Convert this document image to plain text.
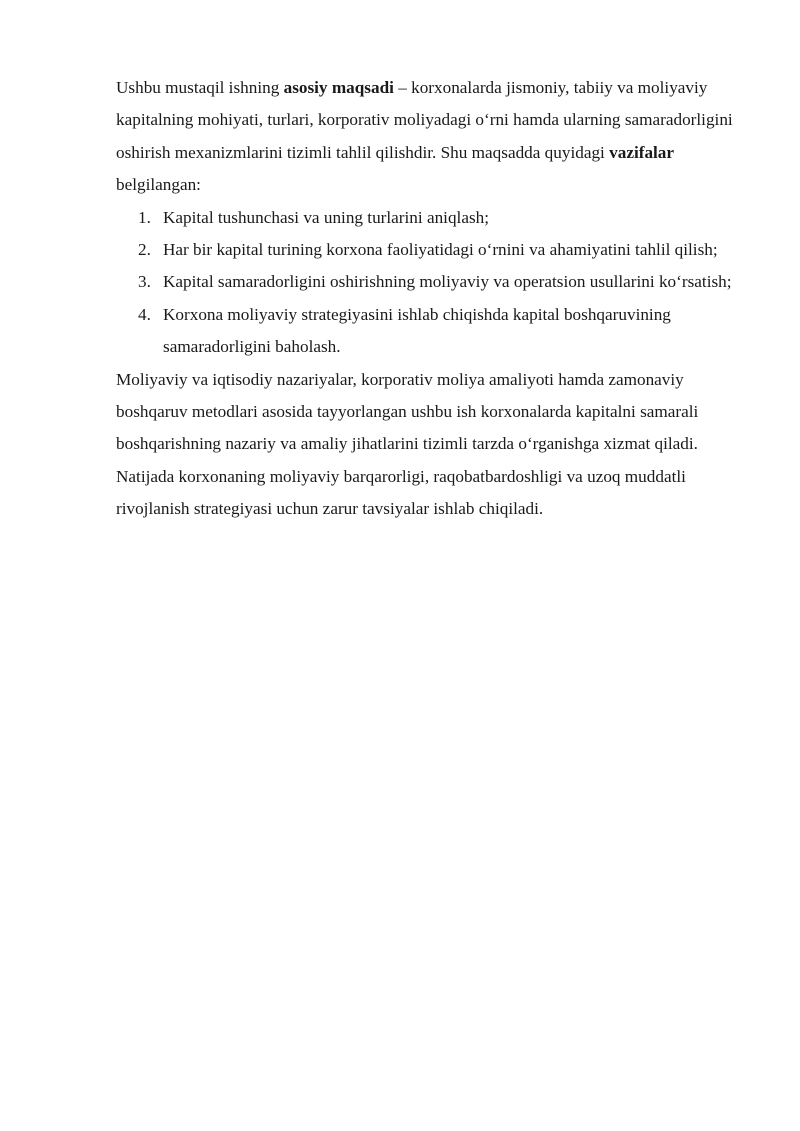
Ushbu mustaqil ishning asosiy maqsadi – korxonalarda jismoniy, tabiiy va moliyaviy kapitalning mohiyati, turlari, korporativ moliyadagi o‘rni hamda ularning samaradorligini oshirish mexanizmlarini tizimli tahlil qilishdir. Shu maqsadda quyidagi vazifalar belgilangan:

1. Kapital tushunchasi va uning turlarini aniqlash;
2. Har bir kapital turining korxona faoliyatidagi o‘rnini va ahamiyatini tahlil qilish;
3. Kapital samaradorligini oshirishning moliyaviy va operatsion usullarini ko‘rsatish;
4. Korxona moliyaviy strategiyasini ishlab chiqishda kapital boshqaruvining samaradorligini baholash.

Moliyaviy va iqtisodiy nazariyalar, korporativ moliya amaliyoti hamda zamonaviy boshqaruv metodlari asosida tayyorlangan ushbu ish korxonalarda kapitalni samarali boshqarishning nazariy va amaliy jihatlarini tizimli tarzda o‘rganishga xizmat qiladi. Natijada korxonaning moliyaviy barqarorligi, raqobatbardoshligi va uzoq muddatli rivojlanish strategiyasi uchun zarur tavsiyalar ishlab chiqiladi.
